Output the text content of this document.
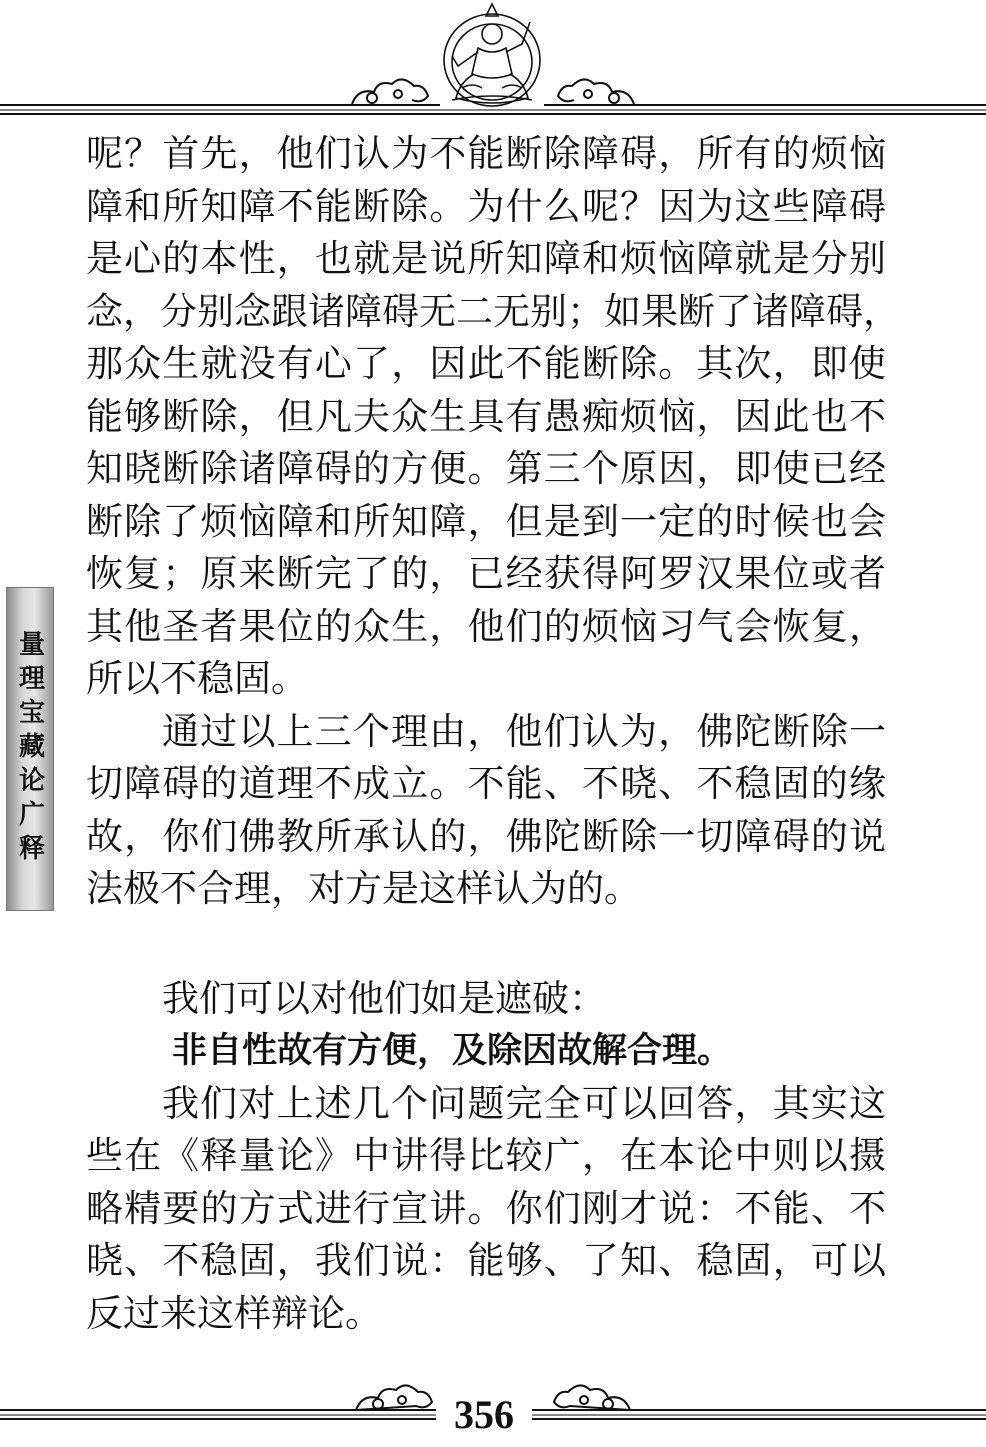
量理宝藏论广释
呢？首先，他们认为不能断除障碍，所有的烦恼
障和所知障不能断除。为什么呢？因为这些障碍
是心的本性，也就是说所知障和烦恼障就是分别
念，分别念跟诸障碍无二无别；如果断了诸障碍，
那众生就没有心了，因此不能断除。其次，即使
能够断除，但凡夫众生具有愚痴烦恼，因此也不
知晓断除诸障碍的方便。第三个原因，即使已经
断除了烦恼障和所知障，但是到一定的时候也会
恢复；原来断完了的，已经获得阿罗汉果位或者
其他圣者果位的众生，他们的烦恼习气会恢复，
所以不稳固。
通过以上三个理由，他们认为，佛陀断除一
切障碍的道理不成立。不能、不晓、不稳固的缘
故，你们佛教所承认的，佛陀断除一切障碍的说
法极不合理，对方是这样认为的。
我们可以对他们如是遮破：
非自性故有方便，及除因故解合理。
我们对上述几个问题完全可以回答，其实这
些在《释量论》中讲得比较广，在本论中则以摄
略精要的方式进行宣讲。你们刚才说：不能、不
晓、不稳固，我们说：能够、了知、稳固，可以
反过来这样辩论。
356
